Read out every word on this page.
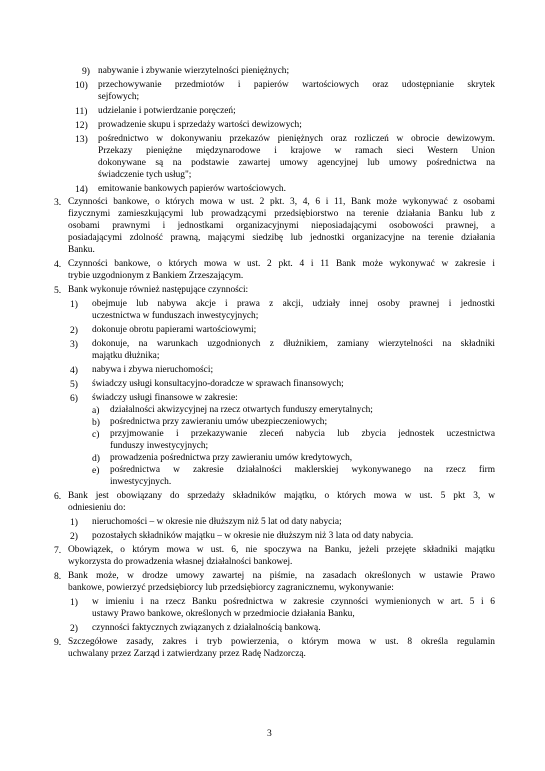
9) nabywanie i zbywanie wierzytelności pieniężnych;
10) przechowywanie przedmiotów i papierów wartościowych oraz udostępnianie skrytek
sejfowych;
11) udzielanie i potwierdzanie poręczeń;
12) prowadzenie skupu i sprzedaży wartości dewizowych;
13) pośrednictwo w dokonywaniu przekazów pieniężnych oraz rozliczeń w obrocie dewizowym.
Przekazy pieniężne międzynarodowe i krajowe w ramach sieci Western Union
dokonywane są na podstawie zawartej umowy agencyjnej lub umowy pośrednictwa na
świadczenie tych usług";
14) emitowanie bankowych papierów wartościowych.
3. Czynności bankowe, o których mowa w ust. 2 pkt. 3, 4, 6 i 11, Bank może wykonywać z osobami
fizycznymi zamieszkującymi lub prowadzącymi przedsiębiorstwo na terenie działania Banku lub z
osobami prawnymi i jednostkami organizacyjnymi nieposiadającymi osobowości prawnej, a
posiadającymi zdolność prawną, mającymi siedzibę lub jednostki organizacyjne na terenie działania
Banku.
4. Czynności bankowe, o których mowa w ust. 2 pkt. 4 i 11 Bank może wykonywać w zakresie i
trybie uzgodnionym z Bankiem Zrzeszającym.
5. Bank wykonuje również następujące czynności:
1) obejmuje lub nabywa akcje i prawa z akcji, udziały innej osoby prawnej i jednostki
uczestnictwa w funduszach inwestycyjnych;
2) dokonuje obrotu papierami wartościowymi;
3) dokonuje, na warunkach uzgodnionych z dłużnikiem, zamiany wierzytelności na składniki
majątku dłużnika;
4) nabywa i zbywa nieruchomości;
5) świadczy usługi konsultacyjno-doradcze w sprawach finansowych;
6) świadczy usługi finansowe w zakresie:
a) działalności akwizycyjnej na rzecz otwartych funduszy emerytalnych;
b) pośrednictwa przy zawieraniu umów ubezpieczeniowych;
c) przyjmowanie i przekazywanie zleceń nabycia lub zbycia jednostek uczestnictwa
funduszy inwestycyjnych;
d) prowadzenia pośrednictwa przy zawieraniu umów kredytowych,
e) pośrednictwa w zakresie działalności maklerskiej wykonywanego na rzecz firm
inwestycyjnych.
6. Bank jest obowiązany do sprzedaży składników majątku, o których mowa w ust. 5 pkt 3, w
odniesieniu do:
1) nieruchomości – w okresie nie dłuższym niż 5 lat od daty nabycia;
2) pozostałych składników majątku – w okresie nie dłuższym niż 3 lata od daty nabycia.
7. Obowiązek, o którym mowa w ust. 6, nie spoczywa na Banku, jeżeli przejęte składniki majątku
wykorzysta do prowadzenia własnej działalności bankowej.
8. Bank może, w drodze umowy zawartej na piśmie, na zasadach określonych w ustawie Prawo
bankowe, powierzyć przedsiębiorcy lub przedsiębiorcy zagranicznemu, wykonywanie:
1) w imieniu i na rzecz Banku pośrednictwa w zakresie czynności wymienionych w art. 5 i 6
ustawy Prawo bankowe, określonych w przedmiocie działania Banku,
2) czynności faktycznych związanych z działalnością bankową.
9. Szczegółowe zasady, zakres i tryb powierzenia, o którym mowa w ust. 8 określa regulamin
uchwalany przez Zarząd i zatwierdzany przez Radę Nadzorczą.
3
